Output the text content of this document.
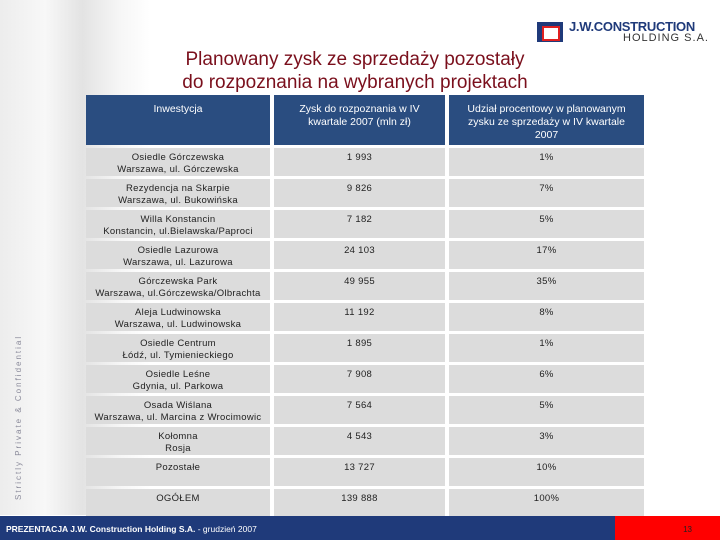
Strictly Private & Confidential
J.W.CONSTRUCTION
HOLDING S.A.
Planowany zysk ze sprzedaży pozostały
do rozpoznania na wybranych projektach
Inwestycja	Zysk do rozpoznania w IV kwartale 2007 (mln zł)	Udział procentowy w planowanym zysku ze sprzedaży w IV kwartale 2007

Osiedle Górczewska
Warszawa, ul. Górczewska	1 993	1%

Rezydencja na Skarpie
Warszawa, ul. Bukowińska	9 826	7%

Willa Konstancin
Konstancin, ul.Bielawska/Paproci	7 182	5%

Osiedle Lazurowa
Warszawa, ul. Lazurowa	24 103	17%

Górczewska Park
Warszawa, ul.Górczewska/Olbrachta	49 955	35%

Aleja Ludwinowska
Warszawa, ul. Ludwinowska	11 192	8%

Osiedle Centrum
Łódź, ul. Tymienieckiego	1 895	1%

Osiedle Leśne
Gdynia, ul. Parkowa	7 908	6%

Osada Wiślana
Warszawa, ul. Marcina z Wrocimowic	7 564	5%

Kołomna
Rosja	4 543	3%

Pozostałe	13 727	10%

OGÓŁEM	139 888	100%
PREZENTACJA J.W. Construction Holding S.A. - grudzień 2007	13
